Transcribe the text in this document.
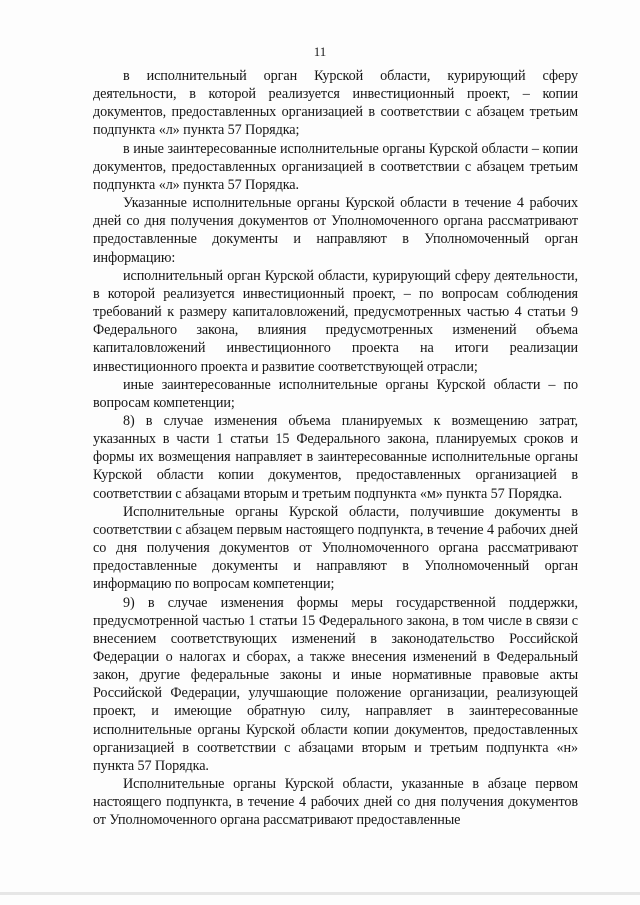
11

в исполнительный орган Курской области, курирующий сферу деятельности, в которой реализуется инвестиционный проект, – копии документов, предоставленных организацией в соответствии с абзацем третьим подпункта «л» пункта 57 Порядка;

в иные заинтересованные исполнительные органы Курской области – копии документов, предоставленных организацией в соответствии с абзацем третьим подпункта «л» пункта 57 Порядка.

Указанные исполнительные органы Курской области в течение 4 рабочих дней со дня получения документов от Уполномоченного органа рассматривают предоставленные документы и направляют в Уполномоченный орган информацию:

исполнительный орган Курской области, курирующий сферу деятельности, в которой реализуется инвестиционный проект, – по вопросам соблюдения требований к размеру капиталовложений, предусмотренных частью 4 статьи 9 Федерального закона, влияния предусмотренных изменений объема капиталовложений инвестиционного проекта на итоги реализации инвестиционного проекта и развитие соответствующей отрасли;

иные заинтересованные исполнительные органы Курской области – по вопросам компетенции;

8) в случае изменения объема планируемых к возмещению затрат, указанных в части 1 статьи 15 Федерального закона, планируемых сроков и формы их возмещения направляет в заинтересованные исполнительные органы Курской области копии документов, предоставленных организацией в соответствии с абзацами вторым и третьим подпункта «м» пункта 57 Порядка.

Исполнительные органы Курской области, получившие документы в соответствии с абзацем первым настоящего подпункта, в течение 4 рабочих дней со дня получения документов от Уполномоченного органа рассматривают предоставленные документы и направляют в Уполномоченный орган информацию по вопросам компетенции;

9) в случае изменения формы меры государственной поддержки, предусмотренной частью 1 статьи 15 Федерального закона, в том числе в связи с внесением соответствующих изменений в законодательство Российской Федерации о налогах и сборах, а также внесения изменений в Федеральный закон, другие федеральные законы и иные нормативные правовые акты Российской Федерации, улучшающие положение организации, реализующей проект, и имеющие обратную силу, направляет в заинтересованные исполнительные органы Курской области копии документов, предоставленных организацией в соответствии с абзацами вторым и третьим подпункта «н» пункта 57 Порядка.

Исполнительные органы Курской области, указанные в абзаце первом настоящего подпункта, в течение 4 рабочих дней со дня получения документов от Уполномоченного органа рассматривают предоставленные
